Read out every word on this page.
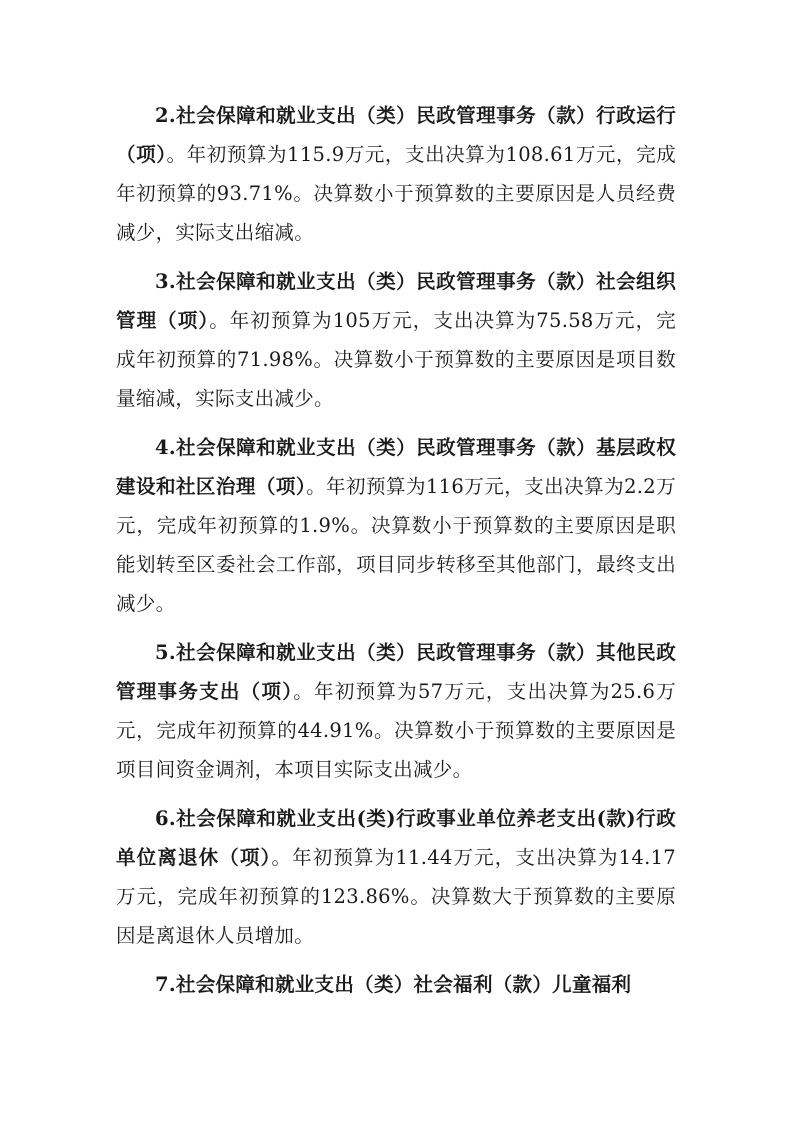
2.社会保障和就业支出（类）民政管理事务（款）行政运行（项）。年初预算为115.9万元，支出决算为108.61万元，完成年初预算的93.71%。决算数小于预算数的主要原因是人员经费减少，实际支出缩减。

3.社会保障和就业支出（类）民政管理事务（款）社会组织管理（项）。年初预算为105万元，支出决算为75.58万元，完成年初预算的71.98%。决算数小于预算数的主要原因是项目数量缩减，实际支出减少。

4.社会保障和就业支出（类）民政管理事务（款）基层政权建设和社区治理（项）。年初预算为116万元，支出决算为2.2万元，完成年初预算的1.9%。决算数小于预算数的主要原因是职能划转至区委社会工作部，项目同步转移至其他部门，最终支出减少。

5.社会保障和就业支出（类）民政管理事务（款）其他民政管理事务支出（项）。年初预算为57万元，支出决算为25.6万元，完成年初预算的44.91%。决算数小于预算数的主要原因是项目间资金调剂，本项目实际支出减少。

6.社会保障和就业支出(类)行政事业单位养老支出(款)行政单位离退休（项）。年初预算为11.44万元，支出决算为14.17万元，完成年初预算的123.86%。决算数大于预算数的主要原因是离退休人员增加。

7.社会保障和就业支出（类）社会福利（款）儿童福利
